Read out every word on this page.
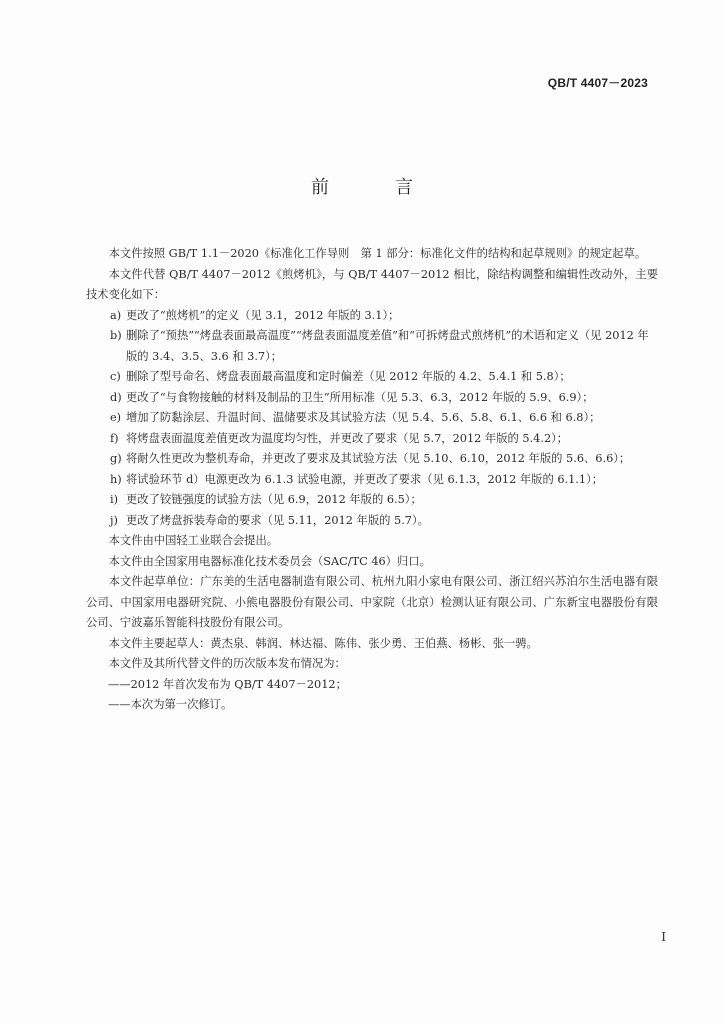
QB/T 4407－2023
前　言

本文件按照 GB/T 1.1－2020《标准化工作导则　第 1 部分：标准化文件的结构和起草规则》的规定起草。

本文件代替 QB/T 4407－2012《煎烤机》，与 QB/T 4407－2012 相比，除结构调整和编辑性改动外，主要技术变化如下：

a) 更改了“煎烤机”的定义（见 3.1，2012 年版的 3.1）；

b) 删除了“预热”“烤盘表面最高温度”“烤盘表面温度差值”和“可拆烤盘式煎烤机”的术语和定义（见 2012 年版的 3.4、3.5、3.6 和 3.7）；

c) 删除了型号命名、烤盘表面最高温度和定时偏差（见 2012 年版的 4.2、5.4.1 和 5.8）；

d) 更改了“与食物接触的材料及制品的卫生”所用标准（见 5.3、6.3，2012 年版的 5.9、6.9）；

e) 增加了防黏涂层、升温时间、温储要求及其试验方法（见 5.4、5.6、5.8、6.1、6.6 和 6.8）；

f) 将烤盘表面温度差值更改为温度均匀性，并更改了要求（见 5.7，2012 年版的 5.4.2）；

g) 将耐久性更改为整机寿命，并更改了要求及其试验方法（见 5.10、6.10，2012 年版的 5.6、6.6）；

h) 将试验环节 d）电源更改为 6.1.3 试验电源，并更改了要求（见 6.1.3，2012 年版的 6.1.1）；

i) 更改了铰链强度的试验方法（见 6.9，2012 年版的 6.5）；

j) 更改了烤盘拆装寿命的要求（见 5.11，2012 年版的 5.7）。

本文件由中国轻工业联合会提出。

本文件由全国家用电器标准化技术委员会（SAC/TC 46）归口。

本文件起草单位：广东美的生活电器制造有限公司、杭州九阳小家电有限公司、浙江绍兴苏泊尔生活电器有限公司、中国家用电器研究院、小熊电器股份有限公司、中家院（北京）检测认证有限公司、广东新宝电器股份有限公司、宁波嘉乐智能科技股份有限公司。

本文件主要起草人：黄杰泉、韩润、林达福、陈伟、张少勇、王伯燕、杨彬、张一骋。

本文件及其所代替文件的历次版本发布情况为：

——2012 年首次发布为 QB/T 4407－2012；

——本次为第一次修订。

I
